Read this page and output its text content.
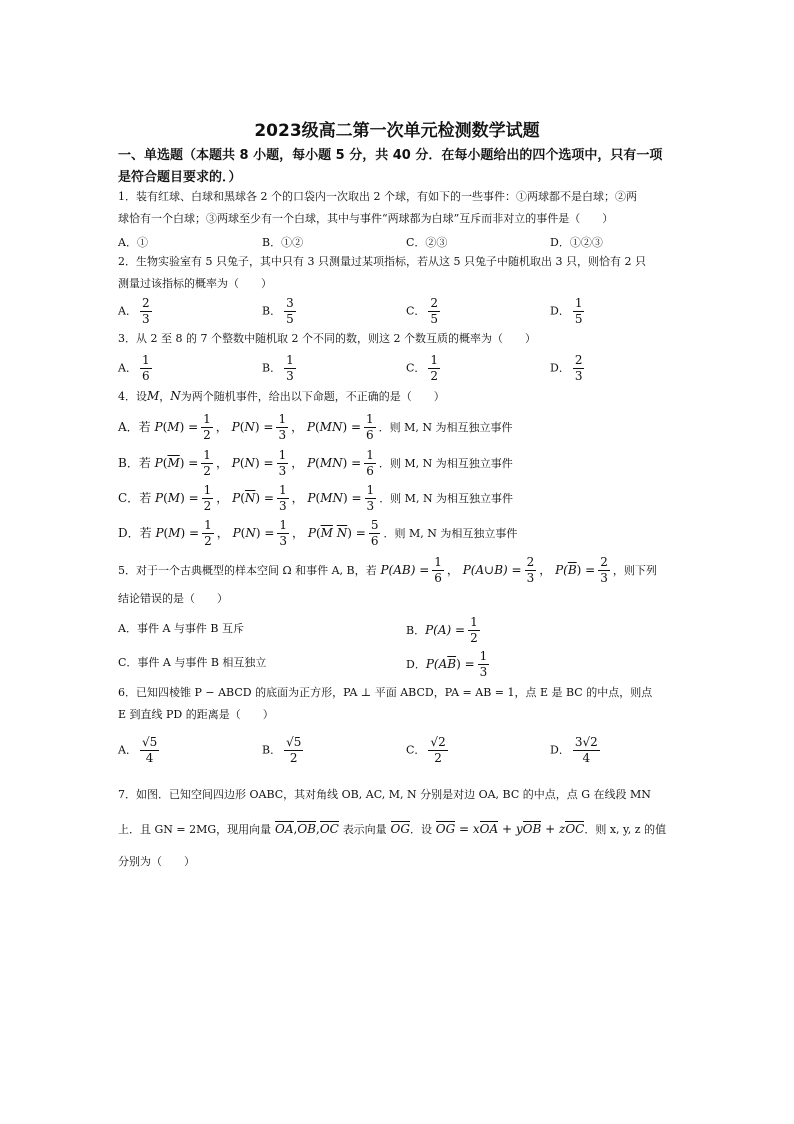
2023级高二第一次单元检测数学试题
一、单选题（本题共 8 小题，每小题 5 分，共 40 分．在每小题给出的四个选项中，只有一项
是符合题目要求的．）
1．装有红球、白球和黑球各 2 个的口袋内一次取出 2 个球，有如下的一些事件：①两球都不是白球；②两
球恰有一个白球；③两球至少有一个白球，其中与事件“两球都为白球”互斥而非对立的事件是（　　）
A．①	B．①②	C．②③	D．①②③
2．生物实验室有 5 只兔子，其中只有 3 只测量过某项指标，若从这 5 只兔子中随机取出 3 只，则恰有 2 只
测量过该指标的概率为（　　）
A． $\frac{2}{3}$	B． $\frac{3}{5}$	C． $\frac{2}{5}$	D． $\frac{1}{5}$
3．从 2 至 8 的 7 个整数中随机取 2 个不同的数，则这 2 个数互质的概率为（　　）
A． $\frac{1}{6}$	B． $\frac{1}{3}$	C． $\frac{1}{2}$	D． $\frac{2}{3}$
4．设M，N为两个随机事件，给出以下命题，不正确的是（　　）
A．若 $P(M) = \frac{1}{2}$ ， $P(N) = \frac{1}{3}$ ， $P(MN) = \frac{1}{6}$ ．则 M, N 为相互独立事件
B．若 $P(\overline{M}) = \frac{1}{2}$ ， $P(N) = \frac{1}{3}$ ， $P(MN) = \frac{1}{6}$ ．则 M, N 为相互独立事件
C．若 $P(M) = \frac{1}{2}$ ， $P(\overline{N}) = \frac{1}{3}$ ， $P(MN) = \frac{1}{3}$ ．则 M, N 为相互独立事件
D．若 $P(M) = \frac{1}{2}$ ， $P(N) = \frac{1}{3}$ ， $P(\overline{M}$ $\overline{N}) = \frac{5}{6}$ ．则 M, N 为相互独立事件
5．对于一个古典概型的样本空间 Ω 和事件 A, B，若 $P(AB) = \frac{1}{6}$ ， P(A∪B) = $\frac{2}{3}$ ， $P(\overline{B}) = \frac{2}{3}$ ，则下列
结论错误的是（　　）
A．事件 A 与事件 B 互斥	B．$P(A) = \frac{1}{2}$
C．事件 A 与事件 B 相互独立	D．$P(A\overline{B}) = \frac{1}{3}$
6．已知四棱锥 P − ABCD 的底面为正方形，PA ⊥ 平面 ABCD，PA = AB = 1，点 E 是 BC 的中点，则点
E 到直线 PD 的距离是（　　）
A． $\frac{√5}{4}$	B． $\frac{√5}{2}$	C． $\frac{√2}{2}$	D． $\frac{3√2}{4}$
7．如图．已知空间四边形 OABC，其对角线 OB, AC, M, N 分别是对边 OA, BC 的中点，点 G 在线段 MN
上．且 GN = 2MG，现用向量 OA,OB,OC 表示向量 OG．设 OG = xOA + yOB + zOC．则 x, y, z 的值
分别为（　　）
